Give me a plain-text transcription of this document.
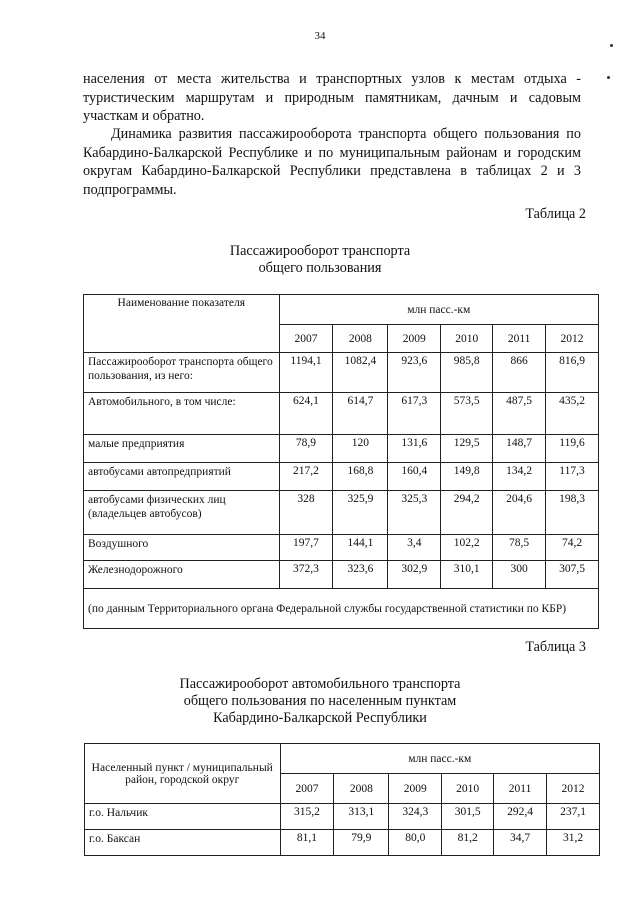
34

населения от места жительства и транспортных узлов к местам отдыха - туристическим маршрутам и природным памятникам, дачным и садовым участкам и обратно.

Динамика развития пассажирооборота транспорта общего пользования по Кабардино-Балкарской Республике и по муниципальным районам и городским округам Кабардино-Балкарской Республики представлена в таблицах 2 и 3 подпрограммы.

Таблица 2
Пассажирооборот транспорта
общего пользования
Наименование показателя	млн пасс.-км					
	2007	2008	2009	2010	2011	2012
Пассажирооборот транспорта общего пользования, из него:	1194,1	1082,4	923,6	985,8	866	816,9
Автомобильного, в том числе:	624,1	614,7	617,3	573,5	487,5	435,2
малые предприятия	78,9	120	131,6	129,5	148,7	119,6
автобусами автопредприятий	217,2	168,8	160,4	149,8	134,2	117,3
автобусами физических лиц (владельцев автобусов)	328	325,9	325,3	294,2	204,6	198,3
Воздушного	197,7	144,1	3,4	102,2	78,5	74,2
Железнодорожного	372,3	323,6	302,9	310,1	300	307,5
(по данным Территориального органа Федеральной службы государственной статистики по КБР)						
Таблица 3
Пассажирооборот автомобильного транспорта
общего пользования по населенным пунктам
Кабардино-Балкарской Республики
Населенный пункт / муниципальный район, городской округ	млн пасс.-км					
	2007	2008	2009	2010	2011	2012
г.о. Нальчик	315,2	313,1	324,3	301,5	292,4	237,1
г.о. Баксан	81,1	79,9	80,0	81,2	34,7	31,2
